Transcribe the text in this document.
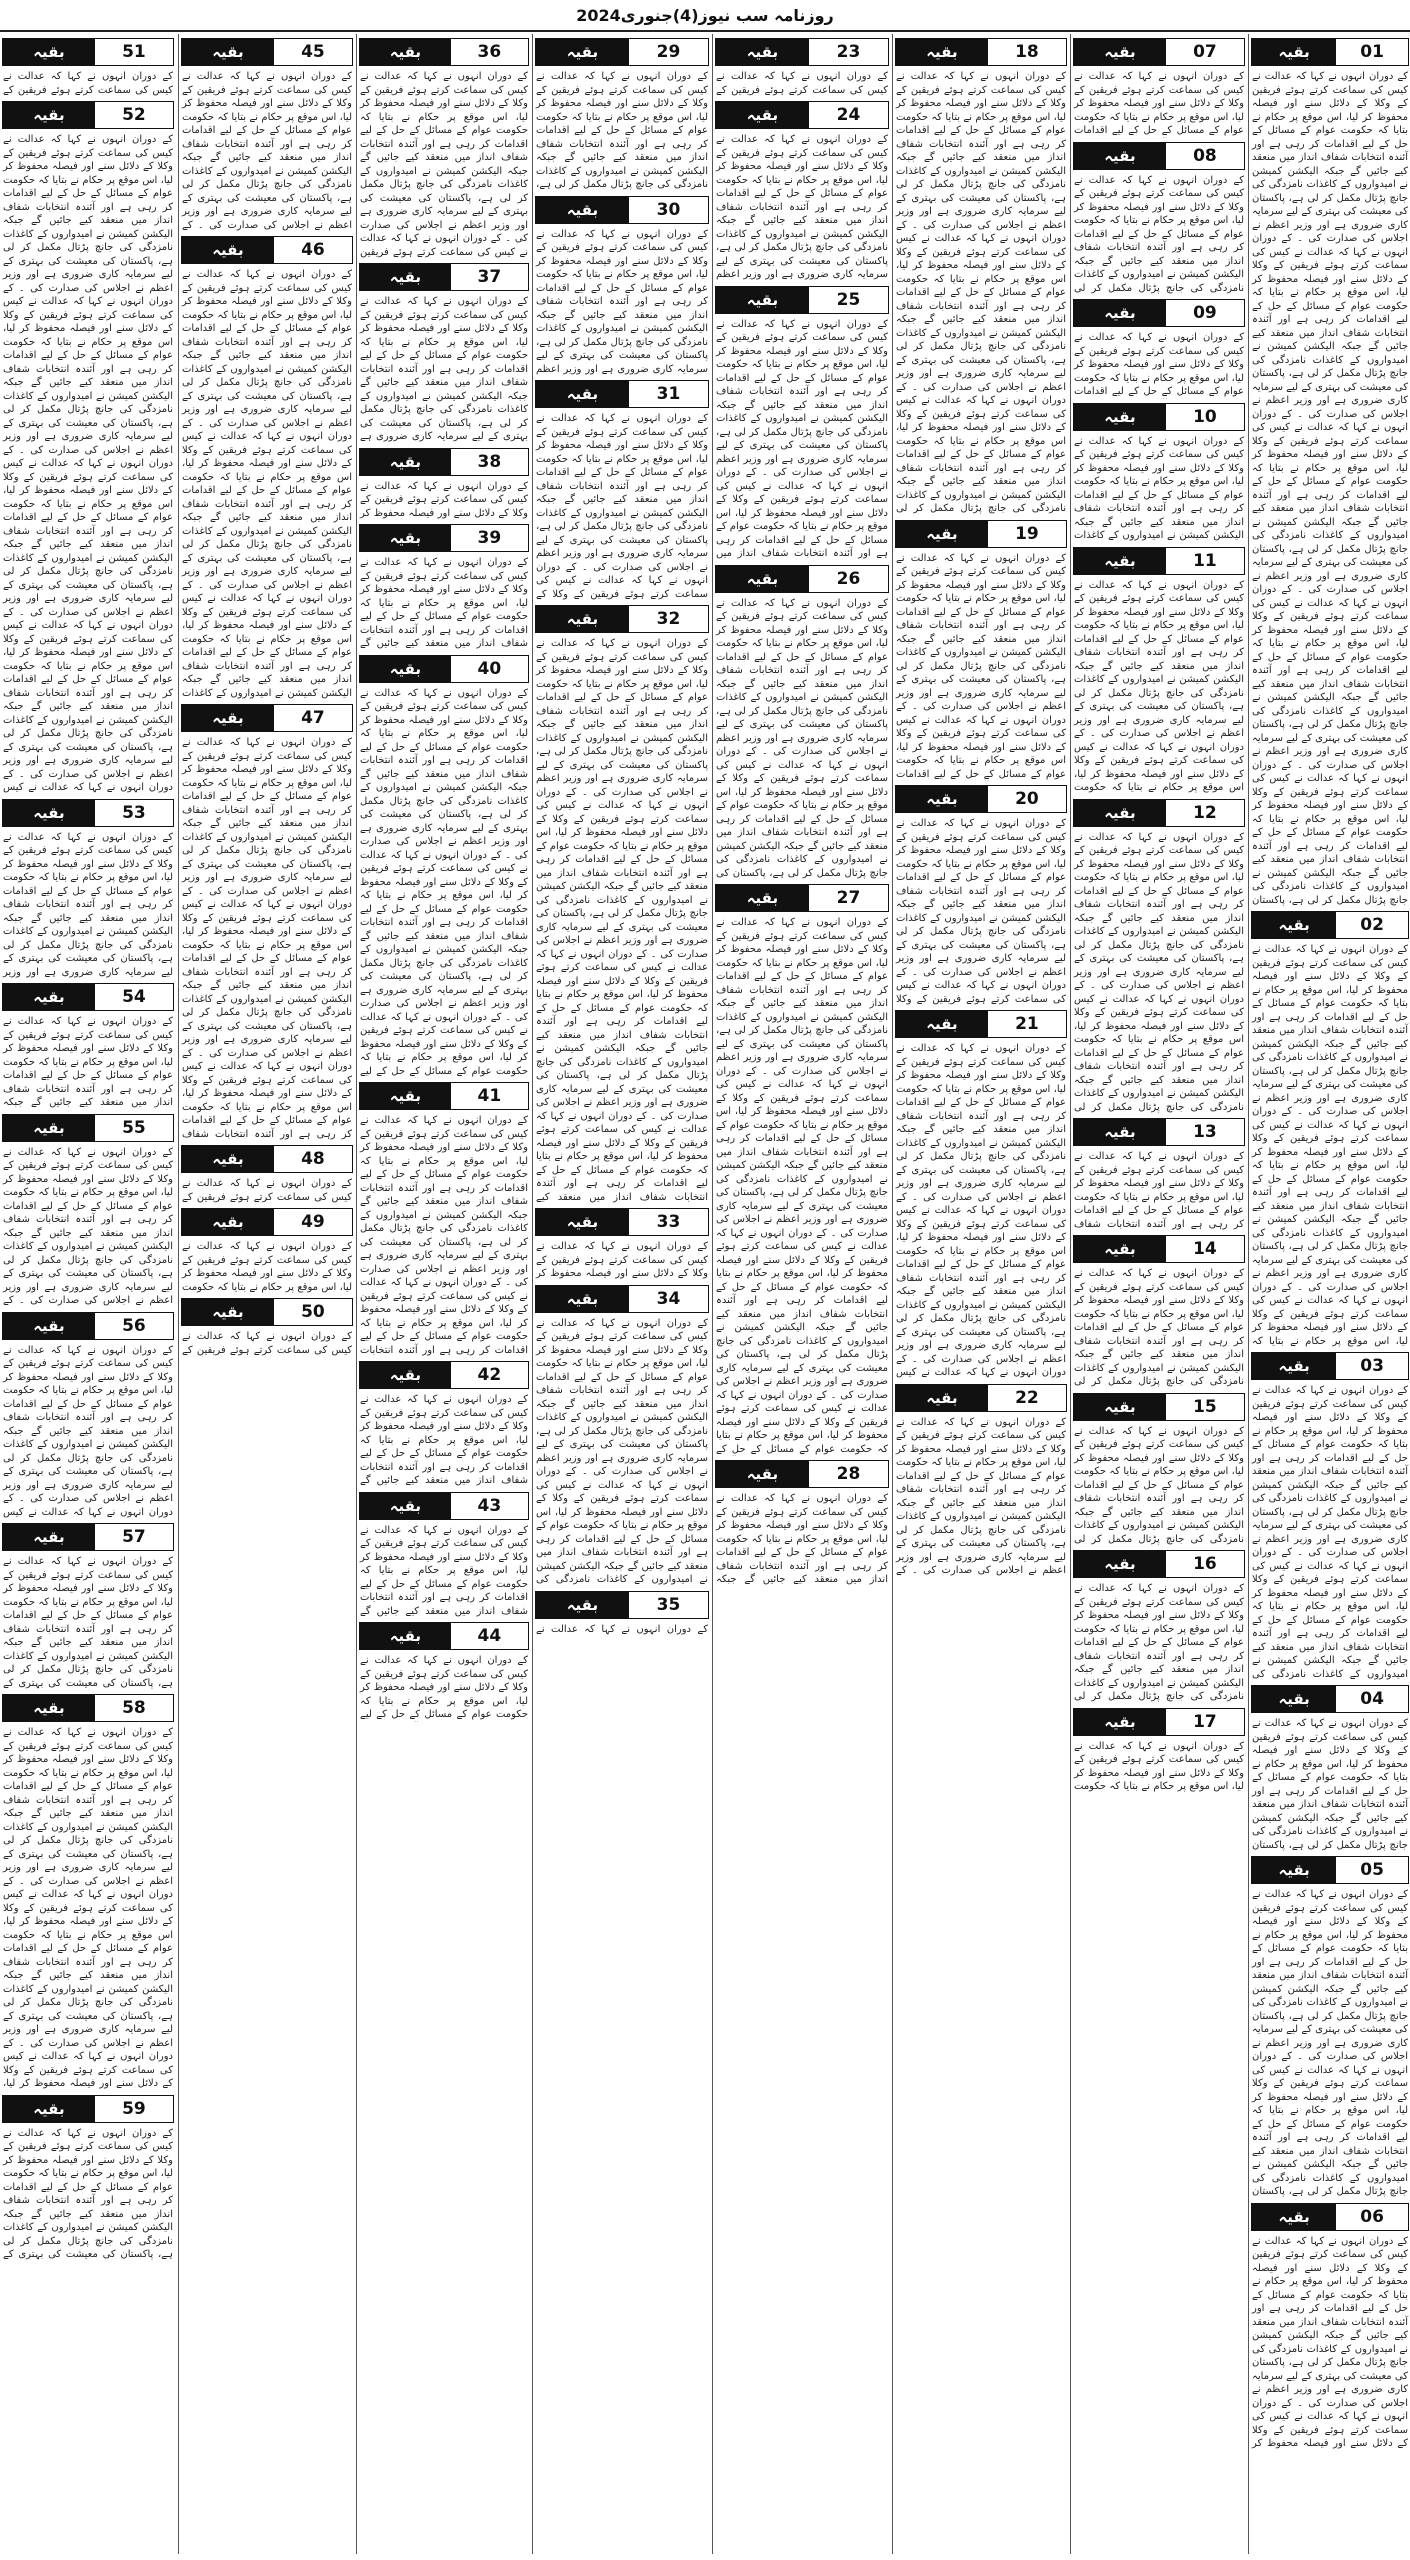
روزنامہ سب نیوز(4)جنوری2024
بقیہ	01
کے دوران انہوں نے کہا کہ عدالت نے کیس کی سماعت کرتے ہوئے فریقین کے وکلا کے دلائل سنے اور فیصلہ محفوظ کر لیا، اس موقع پر حکام نے بتایا کہ حکومت عوام کے مسائل کے حل کے لیے اقدامات کر رہی ہے اور آئندہ انتخابات شفاف انداز میں منعقد کیے جائیں گے جبکہ الیکشن کمیشن نے امیدواروں کے کاغذات نامزدگی کی جانچ پڑتال مکمل کر لی ہے، پاکستان کی معیشت کی بہتری کے لیے سرمایہ کاری ضروری ہے اور وزیر اعظم نے اجلاس کی صدارت کی ۔ کے دوران انہوں نے کہا کہ عدالت نے کیس کی سماعت کرتے ہوئے فریقین کے وکلا کے دلائل سنے اور فیصلہ محفوظ کر لیا، اس موقع پر حکام نے بتایا کہ حکومت عوام کے مسائل کے حل کے لیے اقدامات کر رہی ہے اور آئندہ انتخابات شفاف انداز میں منعقد کیے جائیں گے جبکہ الیکشن کمیشن نے امیدواروں کے کاغذات نامزدگی کی جانچ پڑتال مکمل کر لی ہے، پاکستان کی معیشت کی بہتری کے لیے سرمایہ کاری ضروری ہے اور وزیر اعظم نے اجلاس کی صدارت کی ۔ کے دوران انہوں نے کہا کہ عدالت نے کیس کی سماعت کرتے ہوئے فریقین کے وکلا کے دلائل سنے اور فیصلہ محفوظ کر لیا، اس موقع پر حکام نے بتایا کہ حکومت عوام کے مسائل کے حل کے لیے اقدامات کر رہی ہے اور آئندہ انتخابات شفاف انداز میں منعقد کیے جائیں گے جبکہ الیکشن کمیشن نے امیدواروں کے کاغذات نامزدگی کی جانچ پڑتال مکمل کر لی ہے، پاکستان کی معیشت کی بہتری کے لیے سرمایہ کاری ضروری ہے اور وزیر اعظم نے اجلاس کی صدارت کی ۔ کے دوران انہوں نے کہا کہ عدالت نے کیس کی سماعت کرتے ہوئے فریقین کے وکلا کے دلائل سنے اور فیصلہ محفوظ کر لیا، اس موقع پر حکام نے بتایا کہ حکومت عوام کے مسائل کے حل کے لیے اقدامات کر رہی ہے اور آئندہ انتخابات شفاف انداز میں منعقد کیے جائیں گے جبکہ الیکشن کمیشن نے امیدواروں کے کاغذات نامزدگی کی جانچ پڑتال مکمل کر لی ہے، پاکستان کی معیشت کی بہتری کے لیے سرمایہ کاری ضروری ہے اور وزیر اعظم نے اجلاس کی صدارت کی ۔ کے دوران انہوں نے کہا کہ عدالت نے کیس کی سماعت کرتے ہوئے فریقین کے وکلا کے دلائل سنے اور فیصلہ محفوظ کر لیا، اس موقع پر حکام نے بتایا کہ حکومت عوام کے مسائل کے حل کے لیے اقدامات کر رہی ہے اور آئندہ انتخابات شفاف انداز میں منعقد کیے جائیں گے جبکہ الیکشن کمیشن نے امیدواروں کے کاغذات نامزدگی کی جانچ پڑتال مکمل کر لی ہے، پاکستان
بقیہ	02
کے دوران انہوں نے کہا کہ عدالت نے کیس کی سماعت کرتے ہوئے فریقین کے وکلا کے دلائل سنے اور فیصلہ محفوظ کر لیا، اس موقع پر حکام نے بتایا کہ حکومت عوام کے مسائل کے حل کے لیے اقدامات کر رہی ہے اور آئندہ انتخابات شفاف انداز میں منعقد کیے جائیں گے جبکہ الیکشن کمیشن نے امیدواروں کے کاغذات نامزدگی کی جانچ پڑتال مکمل کر لی ہے، پاکستان کی معیشت کی بہتری کے لیے سرمایہ کاری ضروری ہے اور وزیر اعظم نے اجلاس کی صدارت کی ۔ کے دوران انہوں نے کہا کہ عدالت نے کیس کی سماعت کرتے ہوئے فریقین کے وکلا کے دلائل سنے اور فیصلہ محفوظ کر لیا، اس موقع پر حکام نے بتایا کہ حکومت عوام کے مسائل کے حل کے لیے اقدامات کر رہی ہے اور آئندہ انتخابات شفاف انداز میں منعقد کیے جائیں گے جبکہ الیکشن کمیشن نے امیدواروں کے کاغذات نامزدگی کی جانچ پڑتال مکمل کر لی ہے، پاکستان کی معیشت کی بہتری کے لیے سرمایہ کاری ضروری ہے اور وزیر اعظم نے اجلاس کی صدارت کی ۔ کے دوران انہوں نے کہا کہ عدالت نے کیس کی سماعت کرتے ہوئے فریقین کے وکلا کے دلائل سنے اور فیصلہ محفوظ کر لیا، اس موقع پر حکام نے بتایا کہ
بقیہ	03
کے دوران انہوں نے کہا کہ عدالت نے کیس کی سماعت کرتے ہوئے فریقین کے وکلا کے دلائل سنے اور فیصلہ محفوظ کر لیا، اس موقع پر حکام نے بتایا کہ حکومت عوام کے مسائل کے حل کے لیے اقدامات کر رہی ہے اور آئندہ انتخابات شفاف انداز میں منعقد کیے جائیں گے جبکہ الیکشن کمیشن نے امیدواروں کے کاغذات نامزدگی کی جانچ پڑتال مکمل کر لی ہے، پاکستان کی معیشت کی بہتری کے لیے سرمایہ کاری ضروری ہے اور وزیر اعظم نے اجلاس کی صدارت کی ۔ کے دوران انہوں نے کہا کہ عدالت نے کیس کی سماعت کرتے ہوئے فریقین کے وکلا کے دلائل سنے اور فیصلہ محفوظ کر لیا، اس موقع پر حکام نے بتایا کہ حکومت عوام کے مسائل کے حل کے لیے اقدامات کر رہی ہے اور آئندہ انتخابات شفاف انداز میں منعقد کیے جائیں گے جبکہ الیکشن کمیشن نے امیدواروں کے کاغذات نامزدگی کی
بقیہ	04
کے دوران انہوں نے کہا کہ عدالت نے کیس کی سماعت کرتے ہوئے فریقین کے وکلا کے دلائل سنے اور فیصلہ محفوظ کر لیا، اس موقع پر حکام نے بتایا کہ حکومت عوام کے مسائل کے حل کے لیے اقدامات کر رہی ہے اور آئندہ انتخابات شفاف انداز میں منعقد کیے جائیں گے جبکہ الیکشن کمیشن نے امیدواروں کے کاغذات نامزدگی کی جانچ پڑتال مکمل کر لی ہے، پاکستان
بقیہ	05
کے دوران انہوں نے کہا کہ عدالت نے کیس کی سماعت کرتے ہوئے فریقین کے وکلا کے دلائل سنے اور فیصلہ محفوظ کر لیا، اس موقع پر حکام نے بتایا کہ حکومت عوام کے مسائل کے حل کے لیے اقدامات کر رہی ہے اور آئندہ انتخابات شفاف انداز میں منعقد کیے جائیں گے جبکہ الیکشن کمیشن نے امیدواروں کے کاغذات نامزدگی کی جانچ پڑتال مکمل کر لی ہے، پاکستان کی معیشت کی بہتری کے لیے سرمایہ کاری ضروری ہے اور وزیر اعظم نے اجلاس کی صدارت کی ۔ کے دوران انہوں نے کہا کہ عدالت نے کیس کی سماعت کرتے ہوئے فریقین کے وکلا کے دلائل سنے اور فیصلہ محفوظ کر لیا، اس موقع پر حکام نے بتایا کہ حکومت عوام کے مسائل کے حل کے لیے اقدامات کر رہی ہے اور آئندہ انتخابات شفاف انداز میں منعقد کیے جائیں گے جبکہ الیکشن کمیشن نے امیدواروں کے کاغذات نامزدگی کی جانچ پڑتال مکمل کر لی ہے، پاکستان
بقیہ	06
کے دوران انہوں نے کہا کہ عدالت نے کیس کی سماعت کرتے ہوئے فریقین کے وکلا کے دلائل سنے اور فیصلہ محفوظ کر لیا، اس موقع پر حکام نے بتایا کہ حکومت عوام کے مسائل کے حل کے لیے اقدامات کر رہی ہے اور آئندہ انتخابات شفاف انداز میں منعقد کیے جائیں گے جبکہ الیکشن کمیشن نے امیدواروں کے کاغذات نامزدگی کی جانچ پڑتال مکمل کر لی ہے، پاکستان کی معیشت کی بہتری کے لیے سرمایہ کاری ضروری ہے اور وزیر اعظم نے اجلاس کی صدارت کی ۔ کے دوران انہوں نے کہا کہ عدالت نے کیس کی سماعت کرتے ہوئے فریقین کے وکلا کے دلائل سنے اور فیصلہ محفوظ کر
بقیہ	07
کے دوران انہوں نے کہا کہ عدالت نے کیس کی سماعت کرتے ہوئے فریقین کے وکلا کے دلائل سنے اور فیصلہ محفوظ کر لیا، اس موقع پر حکام نے بتایا کہ حکومت عوام کے مسائل کے حل کے لیے اقدامات
بقیہ	08
کے دوران انہوں نے کہا کہ عدالت نے کیس کی سماعت کرتے ہوئے فریقین کے وکلا کے دلائل سنے اور فیصلہ محفوظ کر لیا، اس موقع پر حکام نے بتایا کہ حکومت عوام کے مسائل کے حل کے لیے اقدامات کر رہی ہے اور آئندہ انتخابات شفاف انداز میں منعقد کیے جائیں گے جبکہ الیکشن کمیشن نے امیدواروں کے کاغذات نامزدگی کی جانچ پڑتال مکمل کر لی
بقیہ	09
کے دوران انہوں نے کہا کہ عدالت نے کیس کی سماعت کرتے ہوئے فریقین کے وکلا کے دلائل سنے اور فیصلہ محفوظ کر لیا، اس موقع پر حکام نے بتایا کہ حکومت عوام کے مسائل کے حل کے لیے اقدامات
بقیہ	10
کے دوران انہوں نے کہا کہ عدالت نے کیس کی سماعت کرتے ہوئے فریقین کے وکلا کے دلائل سنے اور فیصلہ محفوظ کر لیا، اس موقع پر حکام نے بتایا کہ حکومت عوام کے مسائل کے حل کے لیے اقدامات کر رہی ہے اور آئندہ انتخابات شفاف انداز میں منعقد کیے جائیں گے جبکہ الیکشن کمیشن نے امیدواروں کے کاغذات
بقیہ	11
کے دوران انہوں نے کہا کہ عدالت نے کیس کی سماعت کرتے ہوئے فریقین کے وکلا کے دلائل سنے اور فیصلہ محفوظ کر لیا، اس موقع پر حکام نے بتایا کہ حکومت عوام کے مسائل کے حل کے لیے اقدامات کر رہی ہے اور آئندہ انتخابات شفاف انداز میں منعقد کیے جائیں گے جبکہ الیکشن کمیشن نے امیدواروں کے کاغذات نامزدگی کی جانچ پڑتال مکمل کر لی ہے، پاکستان کی معیشت کی بہتری کے لیے سرمایہ کاری ضروری ہے اور وزیر اعظم نے اجلاس کی صدارت کی ۔ کے دوران انہوں نے کہا کہ عدالت نے کیس کی سماعت کرتے ہوئے فریقین کے وکلا کے دلائل سنے اور فیصلہ محفوظ کر لیا، اس موقع پر حکام نے بتایا کہ حکومت
بقیہ	12
کے دوران انہوں نے کہا کہ عدالت نے کیس کی سماعت کرتے ہوئے فریقین کے وکلا کے دلائل سنے اور فیصلہ محفوظ کر لیا، اس موقع پر حکام نے بتایا کہ حکومت عوام کے مسائل کے حل کے لیے اقدامات کر رہی ہے اور آئندہ انتخابات شفاف انداز میں منعقد کیے جائیں گے جبکہ الیکشن کمیشن نے امیدواروں کے کاغذات نامزدگی کی جانچ پڑتال مکمل کر لی ہے، پاکستان کی معیشت کی بہتری کے لیے سرمایہ کاری ضروری ہے اور وزیر اعظم نے اجلاس کی صدارت کی ۔ کے دوران انہوں نے کہا کہ عدالت نے کیس کی سماعت کرتے ہوئے فریقین کے وکلا کے دلائل سنے اور فیصلہ محفوظ کر لیا، اس موقع پر حکام نے بتایا کہ حکومت عوام کے مسائل کے حل کے لیے اقدامات کر رہی ہے اور آئندہ انتخابات شفاف انداز میں منعقد کیے جائیں گے جبکہ الیکشن کمیشن نے امیدواروں کے کاغذات نامزدگی کی جانچ پڑتال مکمل کر لی
بقیہ	13
کے دوران انہوں نے کہا کہ عدالت نے کیس کی سماعت کرتے ہوئے فریقین کے وکلا کے دلائل سنے اور فیصلہ محفوظ کر لیا، اس موقع پر حکام نے بتایا کہ حکومت عوام کے مسائل کے حل کے لیے اقدامات کر رہی ہے اور آئندہ انتخابات شفاف
بقیہ	14
کے دوران انہوں نے کہا کہ عدالت نے کیس کی سماعت کرتے ہوئے فریقین کے وکلا کے دلائل سنے اور فیصلہ محفوظ کر لیا، اس موقع پر حکام نے بتایا کہ حکومت عوام کے مسائل کے حل کے لیے اقدامات کر رہی ہے اور آئندہ انتخابات شفاف انداز میں منعقد کیے جائیں گے جبکہ الیکشن کمیشن نے امیدواروں کے کاغذات نامزدگی کی جانچ پڑتال مکمل کر لی
بقیہ	15
کے دوران انہوں نے کہا کہ عدالت نے کیس کی سماعت کرتے ہوئے فریقین کے وکلا کے دلائل سنے اور فیصلہ محفوظ کر لیا، اس موقع پر حکام نے بتایا کہ حکومت عوام کے مسائل کے حل کے لیے اقدامات کر رہی ہے اور آئندہ انتخابات شفاف انداز میں منعقد کیے جائیں گے جبکہ الیکشن کمیشن نے امیدواروں کے کاغذات نامزدگی کی جانچ پڑتال مکمل کر لی
بقیہ	16
کے دوران انہوں نے کہا کہ عدالت نے کیس کی سماعت کرتے ہوئے فریقین کے وکلا کے دلائل سنے اور فیصلہ محفوظ کر لیا، اس موقع پر حکام نے بتایا کہ حکومت عوام کے مسائل کے حل کے لیے اقدامات کر رہی ہے اور آئندہ انتخابات شفاف انداز میں منعقد کیے جائیں گے جبکہ الیکشن کمیشن نے امیدواروں کے کاغذات نامزدگی کی جانچ پڑتال مکمل کر لی
بقیہ	17
کے دوران انہوں نے کہا کہ عدالت نے کیس کی سماعت کرتے ہوئے فریقین کے وکلا کے دلائل سنے اور فیصلہ محفوظ کر لیا، اس موقع پر حکام نے بتایا کہ حکومت
بقیہ	18
کے دوران انہوں نے کہا کہ عدالت نے کیس کی سماعت کرتے ہوئے فریقین کے وکلا کے دلائل سنے اور فیصلہ محفوظ کر لیا، اس موقع پر حکام نے بتایا کہ حکومت عوام کے مسائل کے حل کے لیے اقدامات کر رہی ہے اور آئندہ انتخابات شفاف انداز میں منعقد کیے جائیں گے جبکہ الیکشن کمیشن نے امیدواروں کے کاغذات نامزدگی کی جانچ پڑتال مکمل کر لی ہے، پاکستان کی معیشت کی بہتری کے لیے سرمایہ کاری ضروری ہے اور وزیر اعظم نے اجلاس کی صدارت کی ۔ کے دوران انہوں نے کہا کہ عدالت نے کیس کی سماعت کرتے ہوئے فریقین کے وکلا کے دلائل سنے اور فیصلہ محفوظ کر لیا، اس موقع پر حکام نے بتایا کہ حکومت عوام کے مسائل کے حل کے لیے اقدامات کر رہی ہے اور آئندہ انتخابات شفاف انداز میں منعقد کیے جائیں گے جبکہ الیکشن کمیشن نے امیدواروں کے کاغذات نامزدگی کی جانچ پڑتال مکمل کر لی ہے، پاکستان کی معیشت کی بہتری کے لیے سرمایہ کاری ضروری ہے اور وزیر اعظم نے اجلاس کی صدارت کی ۔ کے دوران انہوں نے کہا کہ عدالت نے کیس کی سماعت کرتے ہوئے فریقین کے وکلا کے دلائل سنے اور فیصلہ محفوظ کر لیا، اس موقع پر حکام نے بتایا کہ حکومت عوام کے مسائل کے حل کے لیے اقدامات کر رہی ہے اور آئندہ انتخابات شفاف انداز میں منعقد کیے جائیں گے جبکہ الیکشن کمیشن نے امیدواروں کے کاغذات نامزدگی کی جانچ پڑتال مکمل کر لی
بقیہ	19
کے دوران انہوں نے کہا کہ عدالت نے کیس کی سماعت کرتے ہوئے فریقین کے وکلا کے دلائل سنے اور فیصلہ محفوظ کر لیا، اس موقع پر حکام نے بتایا کہ حکومت عوام کے مسائل کے حل کے لیے اقدامات کر رہی ہے اور آئندہ انتخابات شفاف انداز میں منعقد کیے جائیں گے جبکہ الیکشن کمیشن نے امیدواروں کے کاغذات نامزدگی کی جانچ پڑتال مکمل کر لی ہے، پاکستان کی معیشت کی بہتری کے لیے سرمایہ کاری ضروری ہے اور وزیر اعظم نے اجلاس کی صدارت کی ۔ کے دوران انہوں نے کہا کہ عدالت نے کیس کی سماعت کرتے ہوئے فریقین کے وکلا کے دلائل سنے اور فیصلہ محفوظ کر لیا، اس موقع پر حکام نے بتایا کہ حکومت عوام کے مسائل کے حل کے لیے اقدامات
بقیہ	20
کے دوران انہوں نے کہا کہ عدالت نے کیس کی سماعت کرتے ہوئے فریقین کے وکلا کے دلائل سنے اور فیصلہ محفوظ کر لیا، اس موقع پر حکام نے بتایا کہ حکومت عوام کے مسائل کے حل کے لیے اقدامات کر رہی ہے اور آئندہ انتخابات شفاف انداز میں منعقد کیے جائیں گے جبکہ الیکشن کمیشن نے امیدواروں کے کاغذات نامزدگی کی جانچ پڑتال مکمل کر لی ہے، پاکستان کی معیشت کی بہتری کے لیے سرمایہ کاری ضروری ہے اور وزیر اعظم نے اجلاس کی صدارت کی ۔ کے دوران انہوں نے کہا کہ عدالت نے کیس کی سماعت کرتے ہوئے فریقین کے وکلا
بقیہ	21
کے دوران انہوں نے کہا کہ عدالت نے کیس کی سماعت کرتے ہوئے فریقین کے وکلا کے دلائل سنے اور فیصلہ محفوظ کر لیا، اس موقع پر حکام نے بتایا کہ حکومت عوام کے مسائل کے حل کے لیے اقدامات کر رہی ہے اور آئندہ انتخابات شفاف انداز میں منعقد کیے جائیں گے جبکہ الیکشن کمیشن نے امیدواروں کے کاغذات نامزدگی کی جانچ پڑتال مکمل کر لی ہے، پاکستان کی معیشت کی بہتری کے لیے سرمایہ کاری ضروری ہے اور وزیر اعظم نے اجلاس کی صدارت کی ۔ کے دوران انہوں نے کہا کہ عدالت نے کیس کی سماعت کرتے ہوئے فریقین کے وکلا کے دلائل سنے اور فیصلہ محفوظ کر لیا، اس موقع پر حکام نے بتایا کہ حکومت عوام کے مسائل کے حل کے لیے اقدامات کر رہی ہے اور آئندہ انتخابات شفاف انداز میں منعقد کیے جائیں گے جبکہ الیکشن کمیشن نے امیدواروں کے کاغذات نامزدگی کی جانچ پڑتال مکمل کر لی ہے، پاکستان کی معیشت کی بہتری کے لیے سرمایہ کاری ضروری ہے اور وزیر اعظم نے اجلاس کی صدارت کی ۔ کے دوران انہوں نے کہا کہ عدالت نے کیس
بقیہ	22
کے دوران انہوں نے کہا کہ عدالت نے کیس کی سماعت کرتے ہوئے فریقین کے وکلا کے دلائل سنے اور فیصلہ محفوظ کر لیا، اس موقع پر حکام نے بتایا کہ حکومت عوام کے مسائل کے حل کے لیے اقدامات کر رہی ہے اور آئندہ انتخابات شفاف انداز میں منعقد کیے جائیں گے جبکہ الیکشن کمیشن نے امیدواروں کے کاغذات نامزدگی کی جانچ پڑتال مکمل کر لی ہے، پاکستان کی معیشت کی بہتری کے لیے سرمایہ کاری ضروری ہے اور وزیر اعظم نے اجلاس کی صدارت کی ۔ کے
بقیہ	23
کے دوران انہوں نے کہا کہ عدالت نے کیس کی سماعت کرتے ہوئے فریقین کے
بقیہ	24
کے دوران انہوں نے کہا کہ عدالت نے کیس کی سماعت کرتے ہوئے فریقین کے وکلا کے دلائل سنے اور فیصلہ محفوظ کر لیا، اس موقع پر حکام نے بتایا کہ حکومت عوام کے مسائل کے حل کے لیے اقدامات کر رہی ہے اور آئندہ انتخابات شفاف انداز میں منعقد کیے جائیں گے جبکہ الیکشن کمیشن نے امیدواروں کے کاغذات نامزدگی کی جانچ پڑتال مکمل کر لی ہے، پاکستان کی معیشت کی بہتری کے لیے سرمایہ کاری ضروری ہے اور وزیر اعظم
بقیہ	25
کے دوران انہوں نے کہا کہ عدالت نے کیس کی سماعت کرتے ہوئے فریقین کے وکلا کے دلائل سنے اور فیصلہ محفوظ کر لیا، اس موقع پر حکام نے بتایا کہ حکومت عوام کے مسائل کے حل کے لیے اقدامات کر رہی ہے اور آئندہ انتخابات شفاف انداز میں منعقد کیے جائیں گے جبکہ الیکشن کمیشن نے امیدواروں کے کاغذات نامزدگی کی جانچ پڑتال مکمل کر لی ہے، پاکستان کی معیشت کی بہتری کے لیے سرمایہ کاری ضروری ہے اور وزیر اعظم نے اجلاس کی صدارت کی ۔ کے دوران انہوں نے کہا کہ عدالت نے کیس کی سماعت کرتے ہوئے فریقین کے وکلا کے دلائل سنے اور فیصلہ محفوظ کر لیا، اس موقع پر حکام نے بتایا کہ حکومت عوام کے مسائل کے حل کے لیے اقدامات کر رہی ہے اور آئندہ انتخابات شفاف انداز میں
بقیہ	26
کے دوران انہوں نے کہا کہ عدالت نے کیس کی سماعت کرتے ہوئے فریقین کے وکلا کے دلائل سنے اور فیصلہ محفوظ کر لیا، اس موقع پر حکام نے بتایا کہ حکومت عوام کے مسائل کے حل کے لیے اقدامات کر رہی ہے اور آئندہ انتخابات شفاف انداز میں منعقد کیے جائیں گے جبکہ الیکشن کمیشن نے امیدواروں کے کاغذات نامزدگی کی جانچ پڑتال مکمل کر لی ہے، پاکستان کی معیشت کی بہتری کے لیے سرمایہ کاری ضروری ہے اور وزیر اعظم نے اجلاس کی صدارت کی ۔ کے دوران انہوں نے کہا کہ عدالت نے کیس کی سماعت کرتے ہوئے فریقین کے وکلا کے دلائل سنے اور فیصلہ محفوظ کر لیا، اس موقع پر حکام نے بتایا کہ حکومت عوام کے مسائل کے حل کے لیے اقدامات کر رہی ہے اور آئندہ انتخابات شفاف انداز میں منعقد کیے جائیں گے جبکہ الیکشن کمیشن نے امیدواروں کے کاغذات نامزدگی کی جانچ پڑتال مکمل کر لی ہے، پاکستان کی
بقیہ	27
کے دوران انہوں نے کہا کہ عدالت نے کیس کی سماعت کرتے ہوئے فریقین کے وکلا کے دلائل سنے اور فیصلہ محفوظ کر لیا، اس موقع پر حکام نے بتایا کہ حکومت عوام کے مسائل کے حل کے لیے اقدامات کر رہی ہے اور آئندہ انتخابات شفاف انداز میں منعقد کیے جائیں گے جبکہ الیکشن کمیشن نے امیدواروں کے کاغذات نامزدگی کی جانچ پڑتال مکمل کر لی ہے، پاکستان کی معیشت کی بہتری کے لیے سرمایہ کاری ضروری ہے اور وزیر اعظم نے اجلاس کی صدارت کی ۔ کے دوران انہوں نے کہا کہ عدالت نے کیس کی سماعت کرتے ہوئے فریقین کے وکلا کے دلائل سنے اور فیصلہ محفوظ کر لیا، اس موقع پر حکام نے بتایا کہ حکومت عوام کے مسائل کے حل کے لیے اقدامات کر رہی ہے اور آئندہ انتخابات شفاف انداز میں منعقد کیے جائیں گے جبکہ الیکشن کمیشن نے امیدواروں کے کاغذات نامزدگی کی جانچ پڑتال مکمل کر لی ہے، پاکستان کی معیشت کی بہتری کے لیے سرمایہ کاری ضروری ہے اور وزیر اعظم نے اجلاس کی صدارت کی ۔ کے دوران انہوں نے کہا کہ عدالت نے کیس کی سماعت کرتے ہوئے فریقین کے وکلا کے دلائل سنے اور فیصلہ محفوظ کر لیا، اس موقع پر حکام نے بتایا کہ حکومت عوام کے مسائل کے حل کے لیے اقدامات کر رہی ہے اور آئندہ انتخابات شفاف انداز میں منعقد کیے جائیں گے جبکہ الیکشن کمیشن نے امیدواروں کے کاغذات نامزدگی کی جانچ پڑتال مکمل کر لی ہے، پاکستان کی معیشت کی بہتری کے لیے سرمایہ کاری ضروری ہے اور وزیر اعظم نے اجلاس کی صدارت کی ۔ کے دوران انہوں نے کہا کہ عدالت نے کیس کی سماعت کرتے ہوئے فریقین کے وکلا کے دلائل سنے اور فیصلہ محفوظ کر لیا، اس موقع پر حکام نے بتایا کہ حکومت عوام کے مسائل کے حل کے
بقیہ	28
کے دوران انہوں نے کہا کہ عدالت نے کیس کی سماعت کرتے ہوئے فریقین کے وکلا کے دلائل سنے اور فیصلہ محفوظ کر لیا، اس موقع پر حکام نے بتایا کہ حکومت عوام کے مسائل کے حل کے لیے اقدامات کر رہی ہے اور آئندہ انتخابات شفاف انداز میں منعقد کیے جائیں گے جبکہ
بقیہ	29
کے دوران انہوں نے کہا کہ عدالت نے کیس کی سماعت کرتے ہوئے فریقین کے وکلا کے دلائل سنے اور فیصلہ محفوظ کر لیا، اس موقع پر حکام نے بتایا کہ حکومت عوام کے مسائل کے حل کے لیے اقدامات کر رہی ہے اور آئندہ انتخابات شفاف انداز میں منعقد کیے جائیں گے جبکہ الیکشن کمیشن نے امیدواروں کے کاغذات نامزدگی کی جانچ پڑتال مکمل کر لی ہے،
بقیہ	30
کے دوران انہوں نے کہا کہ عدالت نے کیس کی سماعت کرتے ہوئے فریقین کے وکلا کے دلائل سنے اور فیصلہ محفوظ کر لیا، اس موقع پر حکام نے بتایا کہ حکومت عوام کے مسائل کے حل کے لیے اقدامات کر رہی ہے اور آئندہ انتخابات شفاف انداز میں منعقد کیے جائیں گے جبکہ الیکشن کمیشن نے امیدواروں کے کاغذات نامزدگی کی جانچ پڑتال مکمل کر لی ہے، پاکستان کی معیشت کی بہتری کے لیے سرمایہ کاری ضروری ہے اور وزیر اعظم
بقیہ	31
کے دوران انہوں نے کہا کہ عدالت نے کیس کی سماعت کرتے ہوئے فریقین کے وکلا کے دلائل سنے اور فیصلہ محفوظ کر لیا، اس موقع پر حکام نے بتایا کہ حکومت عوام کے مسائل کے حل کے لیے اقدامات کر رہی ہے اور آئندہ انتخابات شفاف انداز میں منعقد کیے جائیں گے جبکہ الیکشن کمیشن نے امیدواروں کے کاغذات نامزدگی کی جانچ پڑتال مکمل کر لی ہے، پاکستان کی معیشت کی بہتری کے لیے سرمایہ کاری ضروری ہے اور وزیر اعظم نے اجلاس کی صدارت کی ۔ کے دوران انہوں نے کہا کہ عدالت نے کیس کی سماعت کرتے ہوئے فریقین کے وکلا کے
بقیہ	32
کے دوران انہوں نے کہا کہ عدالت نے کیس کی سماعت کرتے ہوئے فریقین کے وکلا کے دلائل سنے اور فیصلہ محفوظ کر لیا، اس موقع پر حکام نے بتایا کہ حکومت عوام کے مسائل کے حل کے لیے اقدامات کر رہی ہے اور آئندہ انتخابات شفاف انداز میں منعقد کیے جائیں گے جبکہ الیکشن کمیشن نے امیدواروں کے کاغذات نامزدگی کی جانچ پڑتال مکمل کر لی ہے، پاکستان کی معیشت کی بہتری کے لیے سرمایہ کاری ضروری ہے اور وزیر اعظم نے اجلاس کی صدارت کی ۔ کے دوران انہوں نے کہا کہ عدالت نے کیس کی سماعت کرتے ہوئے فریقین کے وکلا کے دلائل سنے اور فیصلہ محفوظ کر لیا، اس موقع پر حکام نے بتایا کہ حکومت عوام کے مسائل کے حل کے لیے اقدامات کر رہی ہے اور آئندہ انتخابات شفاف انداز میں منعقد کیے جائیں گے جبکہ الیکشن کمیشن نے امیدواروں کے کاغذات نامزدگی کی جانچ پڑتال مکمل کر لی ہے، پاکستان کی معیشت کی بہتری کے لیے سرمایہ کاری ضروری ہے اور وزیر اعظم نے اجلاس کی صدارت کی ۔ کے دوران انہوں نے کہا کہ عدالت نے کیس کی سماعت کرتے ہوئے فریقین کے وکلا کے دلائل سنے اور فیصلہ محفوظ کر لیا، اس موقع پر حکام نے بتایا کہ حکومت عوام کے مسائل کے حل کے لیے اقدامات کر رہی ہے اور آئندہ انتخابات شفاف انداز میں منعقد کیے جائیں گے جبکہ الیکشن کمیشن نے امیدواروں کے کاغذات نامزدگی کی جانچ پڑتال مکمل کر لی ہے، پاکستان کی معیشت کی بہتری کے لیے سرمایہ کاری ضروری ہے اور وزیر اعظم نے اجلاس کی صدارت کی ۔ کے دوران انہوں نے کہا کہ عدالت نے کیس کی سماعت کرتے ہوئے فریقین کے وکلا کے دلائل سنے اور فیصلہ محفوظ کر لیا، اس موقع پر حکام نے بتایا کہ حکومت عوام کے مسائل کے حل کے لیے اقدامات کر رہی ہے اور آئندہ انتخابات شفاف انداز میں منعقد کیے
بقیہ	33
کے دوران انہوں نے کہا کہ عدالت نے کیس کی سماعت کرتے ہوئے فریقین کے وکلا کے دلائل سنے اور فیصلہ محفوظ کر
بقیہ	34
کے دوران انہوں نے کہا کہ عدالت نے کیس کی سماعت کرتے ہوئے فریقین کے وکلا کے دلائل سنے اور فیصلہ محفوظ کر لیا، اس موقع پر حکام نے بتایا کہ حکومت عوام کے مسائل کے حل کے لیے اقدامات کر رہی ہے اور آئندہ انتخابات شفاف انداز میں منعقد کیے جائیں گے جبکہ الیکشن کمیشن نے امیدواروں کے کاغذات نامزدگی کی جانچ پڑتال مکمل کر لی ہے، پاکستان کی معیشت کی بہتری کے لیے سرمایہ کاری ضروری ہے اور وزیر اعظم نے اجلاس کی صدارت کی ۔ کے دوران انہوں نے کہا کہ عدالت نے کیس کی سماعت کرتے ہوئے فریقین کے وکلا کے دلائل سنے اور فیصلہ محفوظ کر لیا، اس موقع پر حکام نے بتایا کہ حکومت عوام کے مسائل کے حل کے لیے اقدامات کر رہی ہے اور آئندہ انتخابات شفاف انداز میں منعقد کیے جائیں گے جبکہ الیکشن کمیشن نے امیدواروں کے کاغذات نامزدگی کی
بقیہ	35
کے دوران انہوں نے کہا کہ عدالت نے
بقیہ	36
کے دوران انہوں نے کہا کہ عدالت نے کیس کی سماعت کرتے ہوئے فریقین کے وکلا کے دلائل سنے اور فیصلہ محفوظ کر لیا، اس موقع پر حکام نے بتایا کہ حکومت عوام کے مسائل کے حل کے لیے اقدامات کر رہی ہے اور آئندہ انتخابات شفاف انداز میں منعقد کیے جائیں گے جبکہ الیکشن کمیشن نے امیدواروں کے کاغذات نامزدگی کی جانچ پڑتال مکمل کر لی ہے، پاکستان کی معیشت کی بہتری کے لیے سرمایہ کاری ضروری ہے اور وزیر اعظم نے اجلاس کی صدارت کی ۔ کے دوران انہوں نے کہا کہ عدالت نے کیس کی سماعت کرتے ہوئے فریقین
بقیہ	37
کے دوران انہوں نے کہا کہ عدالت نے کیس کی سماعت کرتے ہوئے فریقین کے وکلا کے دلائل سنے اور فیصلہ محفوظ کر لیا، اس موقع پر حکام نے بتایا کہ حکومت عوام کے مسائل کے حل کے لیے اقدامات کر رہی ہے اور آئندہ انتخابات شفاف انداز میں منعقد کیے جائیں گے جبکہ الیکشن کمیشن نے امیدواروں کے کاغذات نامزدگی کی جانچ پڑتال مکمل کر لی ہے، پاکستان کی معیشت کی بہتری کے لیے سرمایہ کاری ضروری ہے
بقیہ	38
کے دوران انہوں نے کہا کہ عدالت نے کیس کی سماعت کرتے ہوئے فریقین کے وکلا کے دلائل سنے اور فیصلہ محفوظ کر
بقیہ	39
کے دوران انہوں نے کہا کہ عدالت نے کیس کی سماعت کرتے ہوئے فریقین کے وکلا کے دلائل سنے اور فیصلہ محفوظ کر لیا، اس موقع پر حکام نے بتایا کہ حکومت عوام کے مسائل کے حل کے لیے اقدامات کر رہی ہے اور آئندہ انتخابات شفاف انداز میں منعقد کیے جائیں گے
بقیہ	40
کے دوران انہوں نے کہا کہ عدالت نے کیس کی سماعت کرتے ہوئے فریقین کے وکلا کے دلائل سنے اور فیصلہ محفوظ کر لیا، اس موقع پر حکام نے بتایا کہ حکومت عوام کے مسائل کے حل کے لیے اقدامات کر رہی ہے اور آئندہ انتخابات شفاف انداز میں منعقد کیے جائیں گے جبکہ الیکشن کمیشن نے امیدواروں کے کاغذات نامزدگی کی جانچ پڑتال مکمل کر لی ہے، پاکستان کی معیشت کی بہتری کے لیے سرمایہ کاری ضروری ہے اور وزیر اعظم نے اجلاس کی صدارت کی ۔ کے دوران انہوں نے کہا کہ عدالت نے کیس کی سماعت کرتے ہوئے فریقین کے وکلا کے دلائل سنے اور فیصلہ محفوظ کر لیا، اس موقع پر حکام نے بتایا کہ حکومت عوام کے مسائل کے حل کے لیے اقدامات کر رہی ہے اور آئندہ انتخابات شفاف انداز میں منعقد کیے جائیں گے جبکہ الیکشن کمیشن نے امیدواروں کے کاغذات نامزدگی کی جانچ پڑتال مکمل کر لی ہے، پاکستان کی معیشت کی بہتری کے لیے سرمایہ کاری ضروری ہے اور وزیر اعظم نے اجلاس کی صدارت کی ۔ کے دوران انہوں نے کہا کہ عدالت نے کیس کی سماعت کرتے ہوئے فریقین کے وکلا کے دلائل سنے اور فیصلہ محفوظ کر لیا، اس موقع پر حکام نے بتایا کہ حکومت عوام کے مسائل کے حل کے لیے
بقیہ	41
کے دوران انہوں نے کہا کہ عدالت نے کیس کی سماعت کرتے ہوئے فریقین کے وکلا کے دلائل سنے اور فیصلہ محفوظ کر لیا، اس موقع پر حکام نے بتایا کہ حکومت عوام کے مسائل کے حل کے لیے اقدامات کر رہی ہے اور آئندہ انتخابات شفاف انداز میں منعقد کیے جائیں گے جبکہ الیکشن کمیشن نے امیدواروں کے کاغذات نامزدگی کی جانچ پڑتال مکمل کر لی ہے، پاکستان کی معیشت کی بہتری کے لیے سرمایہ کاری ضروری ہے اور وزیر اعظم نے اجلاس کی صدارت کی ۔ کے دوران انہوں نے کہا کہ عدالت نے کیس کی سماعت کرتے ہوئے فریقین کے وکلا کے دلائل سنے اور فیصلہ محفوظ کر لیا، اس موقع پر حکام نے بتایا کہ حکومت عوام کے مسائل کے حل کے لیے اقدامات کر رہی ہے اور آئندہ انتخابات
بقیہ	42
کے دوران انہوں نے کہا کہ عدالت نے کیس کی سماعت کرتے ہوئے فریقین کے وکلا کے دلائل سنے اور فیصلہ محفوظ کر لیا، اس موقع پر حکام نے بتایا کہ حکومت عوام کے مسائل کے حل کے لیے اقدامات کر رہی ہے اور آئندہ انتخابات شفاف انداز میں منعقد کیے جائیں گے
بقیہ	43
کے دوران انہوں نے کہا کہ عدالت نے کیس کی سماعت کرتے ہوئے فریقین کے وکلا کے دلائل سنے اور فیصلہ محفوظ کر لیا، اس موقع پر حکام نے بتایا کہ حکومت عوام کے مسائل کے حل کے لیے اقدامات کر رہی ہے اور آئندہ انتخابات شفاف انداز میں منعقد کیے جائیں گے
بقیہ	44
کے دوران انہوں نے کہا کہ عدالت نے کیس کی سماعت کرتے ہوئے فریقین کے وکلا کے دلائل سنے اور فیصلہ محفوظ کر لیا، اس موقع پر حکام نے بتایا کہ حکومت عوام کے مسائل کے حل کے لیے
بقیہ	45
کے دوران انہوں نے کہا کہ عدالت نے کیس کی سماعت کرتے ہوئے فریقین کے وکلا کے دلائل سنے اور فیصلہ محفوظ کر لیا، اس موقع پر حکام نے بتایا کہ حکومت عوام کے مسائل کے حل کے لیے اقدامات کر رہی ہے اور آئندہ انتخابات شفاف انداز میں منعقد کیے جائیں گے جبکہ الیکشن کمیشن نے امیدواروں کے کاغذات نامزدگی کی جانچ پڑتال مکمل کر لی ہے، پاکستان کی معیشت کی بہتری کے لیے سرمایہ کاری ضروری ہے اور وزیر اعظم نے اجلاس کی صدارت کی ۔ کے
بقیہ	46
کے دوران انہوں نے کہا کہ عدالت نے کیس کی سماعت کرتے ہوئے فریقین کے وکلا کے دلائل سنے اور فیصلہ محفوظ کر لیا، اس موقع پر حکام نے بتایا کہ حکومت عوام کے مسائل کے حل کے لیے اقدامات کر رہی ہے اور آئندہ انتخابات شفاف انداز میں منعقد کیے جائیں گے جبکہ الیکشن کمیشن نے امیدواروں کے کاغذات نامزدگی کی جانچ پڑتال مکمل کر لی ہے، پاکستان کی معیشت کی بہتری کے لیے سرمایہ کاری ضروری ہے اور وزیر اعظم نے اجلاس کی صدارت کی ۔ کے دوران انہوں نے کہا کہ عدالت نے کیس کی سماعت کرتے ہوئے فریقین کے وکلا کے دلائل سنے اور فیصلہ محفوظ کر لیا، اس موقع پر حکام نے بتایا کہ حکومت عوام کے مسائل کے حل کے لیے اقدامات کر رہی ہے اور آئندہ انتخابات شفاف انداز میں منعقد کیے جائیں گے جبکہ الیکشن کمیشن نے امیدواروں کے کاغذات نامزدگی کی جانچ پڑتال مکمل کر لی ہے، پاکستان کی معیشت کی بہتری کے لیے سرمایہ کاری ضروری ہے اور وزیر اعظم نے اجلاس کی صدارت کی ۔ کے دوران انہوں نے کہا کہ عدالت نے کیس کی سماعت کرتے ہوئے فریقین کے وکلا کے دلائل سنے اور فیصلہ محفوظ کر لیا، اس موقع پر حکام نے بتایا کہ حکومت عوام کے مسائل کے حل کے لیے اقدامات کر رہی ہے اور آئندہ انتخابات شفاف انداز میں منعقد کیے جائیں گے جبکہ الیکشن کمیشن نے امیدواروں کے کاغذات
بقیہ	47
کے دوران انہوں نے کہا کہ عدالت نے کیس کی سماعت کرتے ہوئے فریقین کے وکلا کے دلائل سنے اور فیصلہ محفوظ کر لیا، اس موقع پر حکام نے بتایا کہ حکومت عوام کے مسائل کے حل کے لیے اقدامات کر رہی ہے اور آئندہ انتخابات شفاف انداز میں منعقد کیے جائیں گے جبکہ الیکشن کمیشن نے امیدواروں کے کاغذات نامزدگی کی جانچ پڑتال مکمل کر لی ہے، پاکستان کی معیشت کی بہتری کے لیے سرمایہ کاری ضروری ہے اور وزیر اعظم نے اجلاس کی صدارت کی ۔ کے دوران انہوں نے کہا کہ عدالت نے کیس کی سماعت کرتے ہوئے فریقین کے وکلا کے دلائل سنے اور فیصلہ محفوظ کر لیا، اس موقع پر حکام نے بتایا کہ حکومت عوام کے مسائل کے حل کے لیے اقدامات کر رہی ہے اور آئندہ انتخابات شفاف انداز میں منعقد کیے جائیں گے جبکہ الیکشن کمیشن نے امیدواروں کے کاغذات نامزدگی کی جانچ پڑتال مکمل کر لی ہے، پاکستان کی معیشت کی بہتری کے لیے سرمایہ کاری ضروری ہے اور وزیر اعظم نے اجلاس کی صدارت کی ۔ کے دوران انہوں نے کہا کہ عدالت نے کیس کی سماعت کرتے ہوئے فریقین کے وکلا کے دلائل سنے اور فیصلہ محفوظ کر لیا، اس موقع پر حکام نے بتایا کہ حکومت عوام کے مسائل کے حل کے لیے اقدامات کر رہی ہے اور آئندہ انتخابات شفاف
بقیہ	48
کے دوران انہوں نے کہا کہ عدالت نے کیس کی سماعت کرتے ہوئے فریقین کے
بقیہ	49
کے دوران انہوں نے کہا کہ عدالت نے کیس کی سماعت کرتے ہوئے فریقین کے وکلا کے دلائل سنے اور فیصلہ محفوظ کر لیا، اس موقع پر حکام نے بتایا کہ حکومت
بقیہ	50
کے دوران انہوں نے کہا کہ عدالت نے کیس کی سماعت کرتے ہوئے فریقین کے
بقیہ	51
کے دوران انہوں نے کہا کہ عدالت نے کیس کی سماعت کرتے ہوئے فریقین کے
بقیہ	52
کے دوران انہوں نے کہا کہ عدالت نے کیس کی سماعت کرتے ہوئے فریقین کے وکلا کے دلائل سنے اور فیصلہ محفوظ کر لیا، اس موقع پر حکام نے بتایا کہ حکومت عوام کے مسائل کے حل کے لیے اقدامات کر رہی ہے اور آئندہ انتخابات شفاف انداز میں منعقد کیے جائیں گے جبکہ الیکشن کمیشن نے امیدواروں کے کاغذات نامزدگی کی جانچ پڑتال مکمل کر لی ہے، پاکستان کی معیشت کی بہتری کے لیے سرمایہ کاری ضروری ہے اور وزیر اعظم نے اجلاس کی صدارت کی ۔ کے دوران انہوں نے کہا کہ عدالت نے کیس کی سماعت کرتے ہوئے فریقین کے وکلا کے دلائل سنے اور فیصلہ محفوظ کر لیا، اس موقع پر حکام نے بتایا کہ حکومت عوام کے مسائل کے حل کے لیے اقدامات کر رہی ہے اور آئندہ انتخابات شفاف انداز میں منعقد کیے جائیں گے جبکہ الیکشن کمیشن نے امیدواروں کے کاغذات نامزدگی کی جانچ پڑتال مکمل کر لی ہے، پاکستان کی معیشت کی بہتری کے لیے سرمایہ کاری ضروری ہے اور وزیر اعظم نے اجلاس کی صدارت کی ۔ کے دوران انہوں نے کہا کہ عدالت نے کیس کی سماعت کرتے ہوئے فریقین کے وکلا کے دلائل سنے اور فیصلہ محفوظ کر لیا، اس موقع پر حکام نے بتایا کہ حکومت عوام کے مسائل کے حل کے لیے اقدامات کر رہی ہے اور آئندہ انتخابات شفاف انداز میں منعقد کیے جائیں گے جبکہ الیکشن کمیشن نے امیدواروں کے کاغذات نامزدگی کی جانچ پڑتال مکمل کر لی ہے، پاکستان کی معیشت کی بہتری کے لیے سرمایہ کاری ضروری ہے اور وزیر اعظم نے اجلاس کی صدارت کی ۔ کے دوران انہوں نے کہا کہ عدالت نے کیس کی سماعت کرتے ہوئے فریقین کے وکلا کے دلائل سنے اور فیصلہ محفوظ کر لیا، اس موقع پر حکام نے بتایا کہ حکومت عوام کے مسائل کے حل کے لیے اقدامات کر رہی ہے اور آئندہ انتخابات شفاف انداز میں منعقد کیے جائیں گے جبکہ الیکشن کمیشن نے امیدواروں کے کاغذات نامزدگی کی جانچ پڑتال مکمل کر لی ہے، پاکستان کی معیشت کی بہتری کے لیے سرمایہ کاری ضروری ہے اور وزیر اعظم نے اجلاس کی صدارت کی ۔ کے دوران انہوں نے کہا کہ عدالت نے کیس
بقیہ	53
کے دوران انہوں نے کہا کہ عدالت نے کیس کی سماعت کرتے ہوئے فریقین کے وکلا کے دلائل سنے اور فیصلہ محفوظ کر لیا، اس موقع پر حکام نے بتایا کہ حکومت عوام کے مسائل کے حل کے لیے اقدامات کر رہی ہے اور آئندہ انتخابات شفاف انداز میں منعقد کیے جائیں گے جبکہ الیکشن کمیشن نے امیدواروں کے کاغذات نامزدگی کی جانچ پڑتال مکمل کر لی ہے، پاکستان کی معیشت کی بہتری کے لیے سرمایہ کاری ضروری ہے اور وزیر
بقیہ	54
کے دوران انہوں نے کہا کہ عدالت نے کیس کی سماعت کرتے ہوئے فریقین کے وکلا کے دلائل سنے اور فیصلہ محفوظ کر لیا، اس موقع پر حکام نے بتایا کہ حکومت عوام کے مسائل کے حل کے لیے اقدامات کر رہی ہے اور آئندہ انتخابات شفاف انداز میں منعقد کیے جائیں گے جبکہ
بقیہ	55
کے دوران انہوں نے کہا کہ عدالت نے کیس کی سماعت کرتے ہوئے فریقین کے وکلا کے دلائل سنے اور فیصلہ محفوظ کر لیا، اس موقع پر حکام نے بتایا کہ حکومت عوام کے مسائل کے حل کے لیے اقدامات کر رہی ہے اور آئندہ انتخابات شفاف انداز میں منعقد کیے جائیں گے جبکہ الیکشن کمیشن نے امیدواروں کے کاغذات نامزدگی کی جانچ پڑتال مکمل کر لی ہے، پاکستان کی معیشت کی بہتری کے لیے سرمایہ کاری ضروری ہے اور وزیر اعظم نے اجلاس کی صدارت کی ۔ کے
بقیہ	56
کے دوران انہوں نے کہا کہ عدالت نے کیس کی سماعت کرتے ہوئے فریقین کے وکلا کے دلائل سنے اور فیصلہ محفوظ کر لیا، اس موقع پر حکام نے بتایا کہ حکومت عوام کے مسائل کے حل کے لیے اقدامات کر رہی ہے اور آئندہ انتخابات شفاف انداز میں منعقد کیے جائیں گے جبکہ الیکشن کمیشن نے امیدواروں کے کاغذات نامزدگی کی جانچ پڑتال مکمل کر لی ہے، پاکستان کی معیشت کی بہتری کے لیے سرمایہ کاری ضروری ہے اور وزیر اعظم نے اجلاس کی صدارت کی ۔ کے دوران انہوں نے کہا کہ عدالت نے کیس
بقیہ	57
کے دوران انہوں نے کہا کہ عدالت نے کیس کی سماعت کرتے ہوئے فریقین کے وکلا کے دلائل سنے اور فیصلہ محفوظ کر لیا، اس موقع پر حکام نے بتایا کہ حکومت عوام کے مسائل کے حل کے لیے اقدامات کر رہی ہے اور آئندہ انتخابات شفاف انداز میں منعقد کیے جائیں گے جبکہ الیکشن کمیشن نے امیدواروں کے کاغذات نامزدگی کی جانچ پڑتال مکمل کر لی ہے، پاکستان کی معیشت کی بہتری کے
بقیہ	58
کے دوران انہوں نے کہا کہ عدالت نے کیس کی سماعت کرتے ہوئے فریقین کے وکلا کے دلائل سنے اور فیصلہ محفوظ کر لیا، اس موقع پر حکام نے بتایا کہ حکومت عوام کے مسائل کے حل کے لیے اقدامات کر رہی ہے اور آئندہ انتخابات شفاف انداز میں منعقد کیے جائیں گے جبکہ الیکشن کمیشن نے امیدواروں کے کاغذات نامزدگی کی جانچ پڑتال مکمل کر لی ہے، پاکستان کی معیشت کی بہتری کے لیے سرمایہ کاری ضروری ہے اور وزیر اعظم نے اجلاس کی صدارت کی ۔ کے دوران انہوں نے کہا کہ عدالت نے کیس کی سماعت کرتے ہوئے فریقین کے وکلا کے دلائل سنے اور فیصلہ محفوظ کر لیا، اس موقع پر حکام نے بتایا کہ حکومت عوام کے مسائل کے حل کے لیے اقدامات کر رہی ہے اور آئندہ انتخابات شفاف انداز میں منعقد کیے جائیں گے جبکہ الیکشن کمیشن نے امیدواروں کے کاغذات نامزدگی کی جانچ پڑتال مکمل کر لی ہے، پاکستان کی معیشت کی بہتری کے لیے سرمایہ کاری ضروری ہے اور وزیر اعظم نے اجلاس کی صدارت کی ۔ کے دوران انہوں نے کہا کہ عدالت نے کیس کی سماعت کرتے ہوئے فریقین کے وکلا کے دلائل سنے اور فیصلہ محفوظ کر لیا،
بقیہ	59
کے دوران انہوں نے کہا کہ عدالت نے کیس کی سماعت کرتے ہوئے فریقین کے وکلا کے دلائل سنے اور فیصلہ محفوظ کر لیا، اس موقع پر حکام نے بتایا کہ حکومت عوام کے مسائل کے حل کے لیے اقدامات کر رہی ہے اور آئندہ انتخابات شفاف انداز میں منعقد کیے جائیں گے جبکہ الیکشن کمیشن نے امیدواروں کے کاغذات نامزدگی کی جانچ پڑتال مکمل کر لی ہے، پاکستان کی معیشت کی بہتری کے
